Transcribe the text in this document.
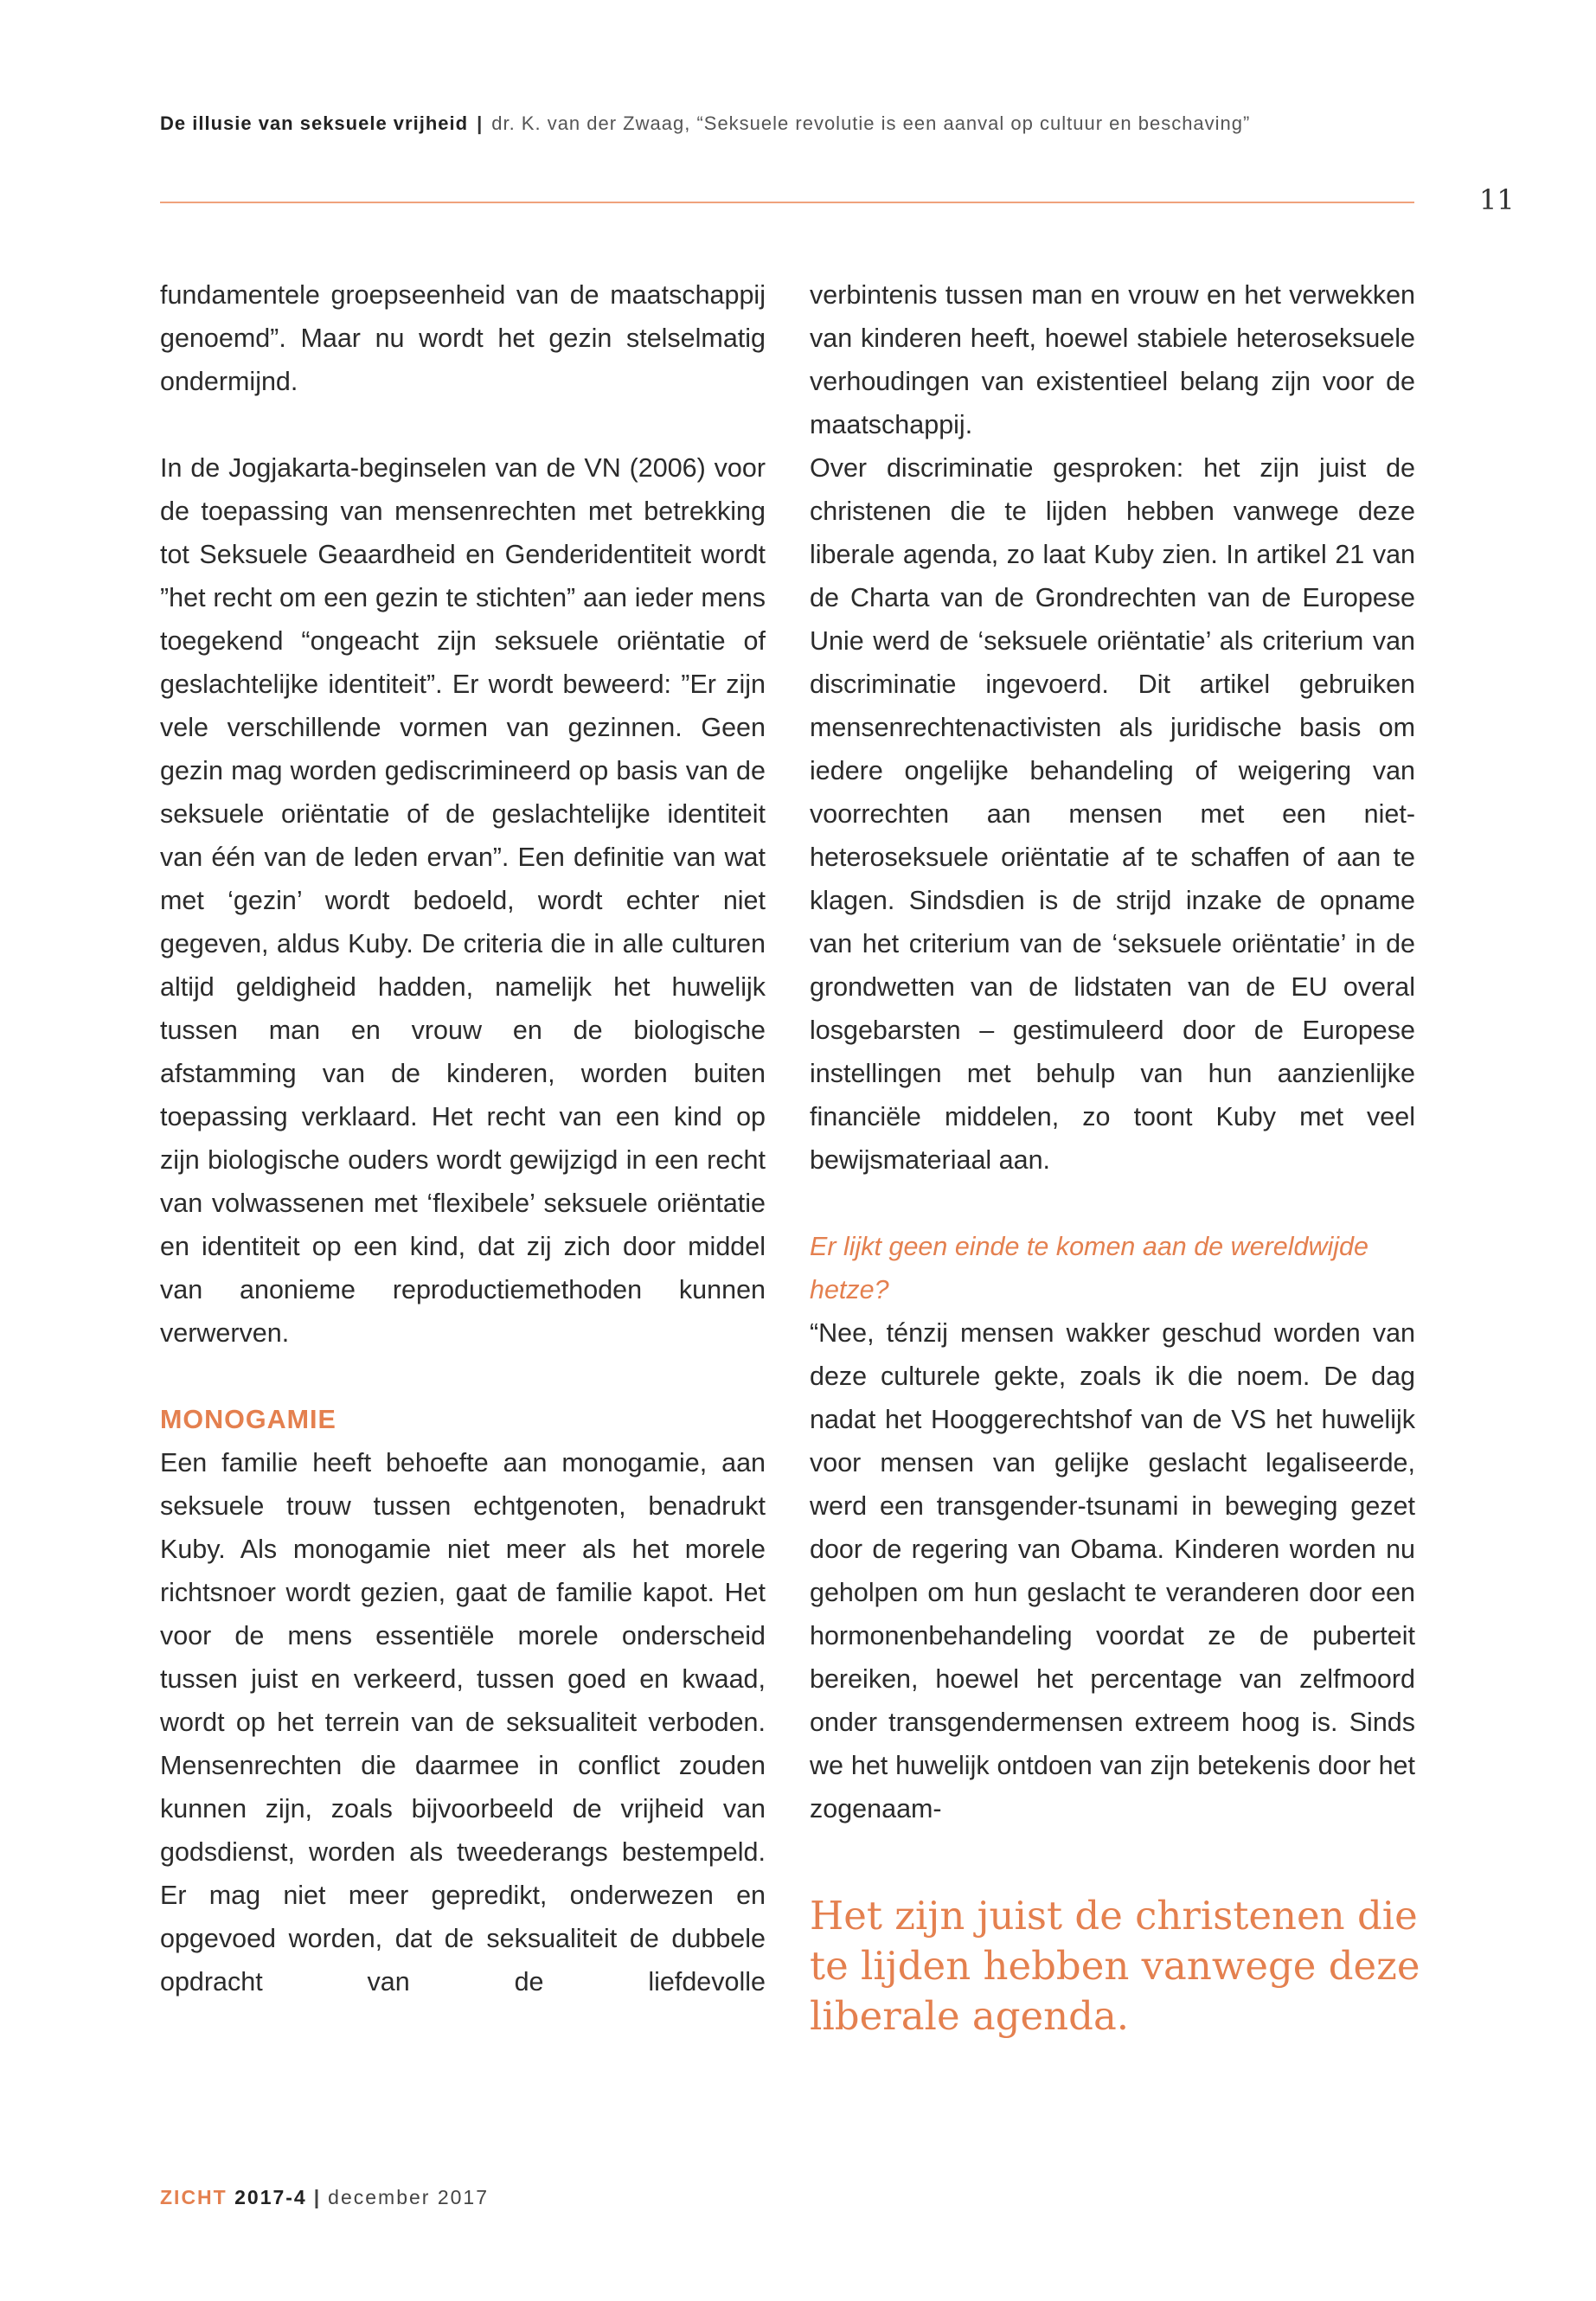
De illusie van seksuele vrijheid | dr. K. van der Zwaag, “Seksuele revolutie is een aanval op cultuur en beschaving”
11

fundamentele groepseenheid van de maatschappij genoemd”. Maar nu wordt het gezin stelselmatig ondermijnd.

In de Jogjakarta-beginselen van de VN (2006) voor de toepassing van mensenrechten met betrekking tot Seksuele Geaardheid en Genderidentiteit wordt ”het recht om een gezin te stichten” aan ieder mens toegekend “ongeacht zijn seksuele oriëntatie of geslachtelijke identiteit”. Er wordt beweerd: ”Er zijn vele verschillende vormen van gezinnen. Geen gezin mag worden gediscrimineerd op basis van de seksuele oriëntatie of de geslachtelijke identiteit van één van de leden ervan”. Een definitie van wat met ‘gezin’ wordt bedoeld, wordt echter niet gegeven, aldus Kuby. De criteria die in alle culturen altijd geldigheid hadden, namelijk het huwelijk tussen man en vrouw en de biologische afstamming van de kinderen, worden buiten toepassing verklaard. Het recht van een kind op zijn biologische ouders wordt gewijzigd in een recht van volwassenen met ‘flexibele’ seksuele oriëntatie en identiteit op een kind, dat zij zich door middel van anonieme reproductiemethoden kunnen verwerven.

MONOGAMIE

Een familie heeft behoefte aan monogamie, aan seksuele trouw tussen echtgenoten, benadrukt Kuby. Als monogamie niet meer als het morele richtsnoer wordt gezien, gaat de familie kapot. Het voor de mens essentiële morele onderscheid tussen juist en verkeerd, tussen goed en kwaad, wordt op het terrein van de seksualiteit verboden. Mensenrechten die daarmee in conflict zouden kunnen zijn, zoals bijvoorbeeld de vrijheid van godsdienst, worden als tweederangs bestempeld. Er mag niet meer gepredikt, onderwezen en opgevoed worden, dat de seksualiteit de dubbele opdracht van de liefdevolle

verbintenis tussen man en vrouw en het verwekken van kinderen heeft, hoewel stabiele heteroseksuele verhoudingen van existentieel belang zijn voor de maatschappij.

Over discriminatie gesproken: het zijn juist de christenen die te lijden hebben vanwege deze liberale agenda, zo laat Kuby zien. In artikel 21 van de Charta van de Grondrechten van de Europese Unie werd de ‘seksuele oriëntatie’ als criterium van discriminatie ingevoerd. Dit artikel gebruiken mensenrechtenactivisten als juridische basis om iedere ongelijke behandeling of weigering van voorrechten aan mensen met een niet-heteroseksuele oriëntatie af te schaffen of aan te klagen. Sindsdien is de strijd inzake de opname van het criterium van de ‘seksuele oriëntatie’ in de grondwetten van de lidstaten van de EU overal losgebarsten – gestimuleerd door de Europese instellingen met behulp van hun aanzienlijke financiële middelen, zo toont Kuby met veel bewijsmateriaal aan.

Er lijkt geen einde te komen aan de wereldwijde hetze?

“Nee, ténzij mensen wakker geschud worden van deze culturele gekte, zoals ik die noem. De dag nadat het Hooggerechtshof van de VS het huwelijk voor mensen van gelijke geslacht legaliseerde, werd een transgender-tsunami in beweging gezet door de regering van Obama. Kinderen worden nu geholpen om hun geslacht te veranderen door een hormonenbehandeling voordat ze de puberteit bereiken, hoewel het percentage van zelfmoord onder transgendermensen extreem hoog is. Sinds we het huwelijk ontdoen van zijn betekenis door het zogenaam-

Het zijn juist de christenen die te lijden hebben vanwege deze liberale agenda.

ZICHT 2017-4 | december 2017
